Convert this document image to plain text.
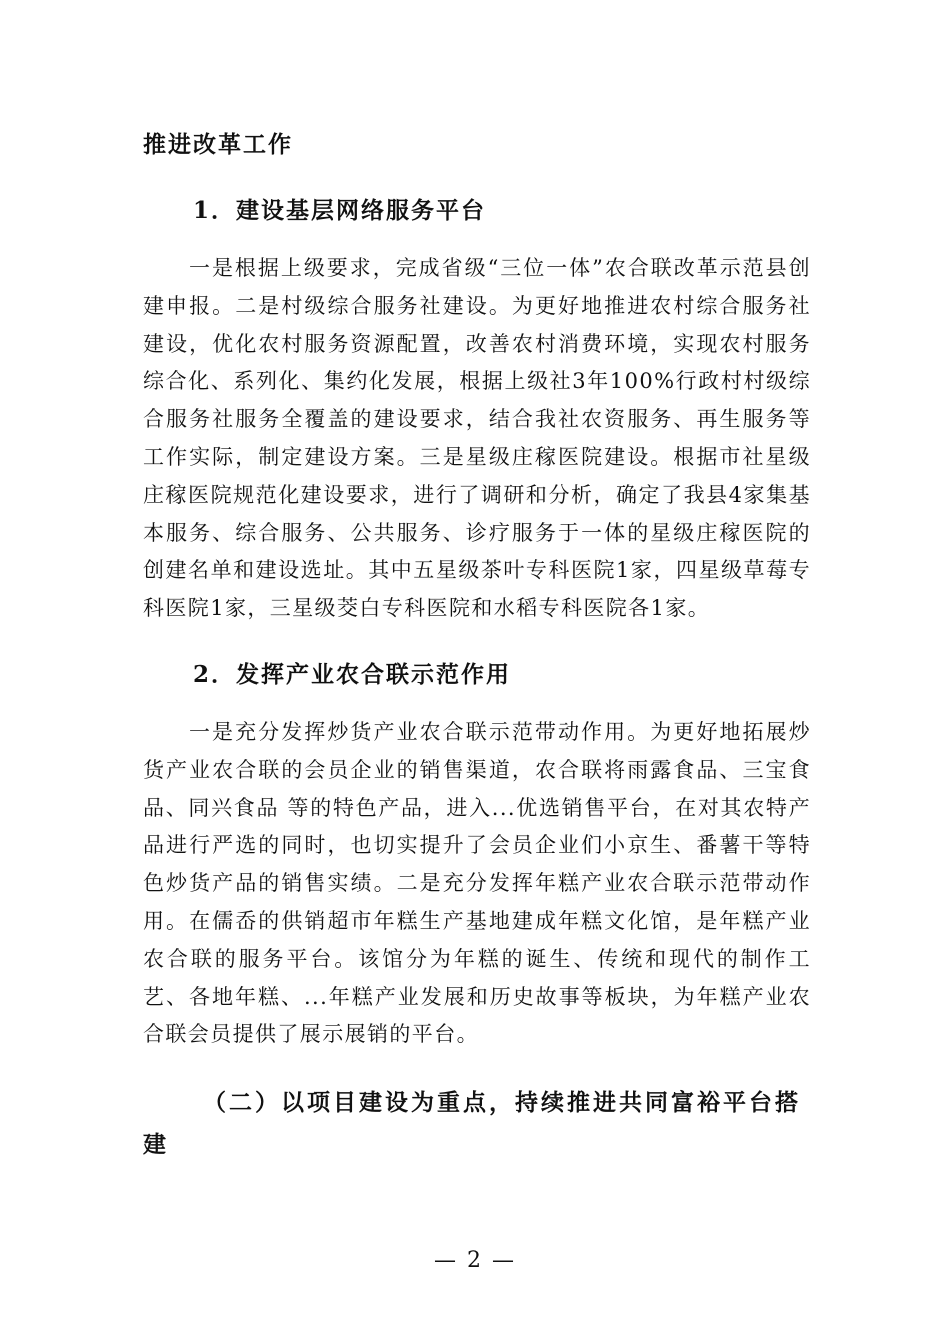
推进改革工作
1．建设基层网络服务平台

一是根据上级要求，完成省级“三位一体”农合联改革示范县创建申报。二是村级综合服务社建设。为更好地推进农村综合服务社建设，优化农村服务资源配置，改善农村消费环境，实现农村服务综合化、系列化、集约化发展，根据上级社3年100%行政村村级综合服务社服务全覆盖的建设要求，结合我社农资服务、再生服务等工作实际，制定建设方案。三是星级庄稼医院建设。根据市社星级庄稼医院规范化建设要求，进行了调研和分析，确定了我县4家集基本服务、综合服务、公共服务、诊疗服务于一体的星级庄稼医院的创建名单和建设选址。其中五星级茶叶专科医院1家，四星级草莓专科医院1家，三星级茭白专科医院和水稻专科医院各1家。

2．发挥产业农合联示范作用

一是充分发挥炒货产业农合联示范带动作用。为更好地拓展炒货产业农合联的会员企业的销售渠道，农合联将雨露食品、三宝食品、同兴食品 等的特色产品，进入...优选销售平台，在对其农特产品进行严选的同时，也切实提升了会员企业们小京生、番薯干等特色炒货产品的销售实绩。二是充分发挥年糕产业农合联示范带动作用。在儒岙的供销超市年糕生产基地建成年糕文化馆，是年糕产业农合联的服务平台。该馆分为年糕的诞生、传统和现代的制作工艺、各地年糕、...年糕产业发展和历史故事等板块，为年糕产业农合联会员提供了展示展销的平台。

（二）以项目建设为重点，持续推进共同富裕平台搭建

— 2 —
